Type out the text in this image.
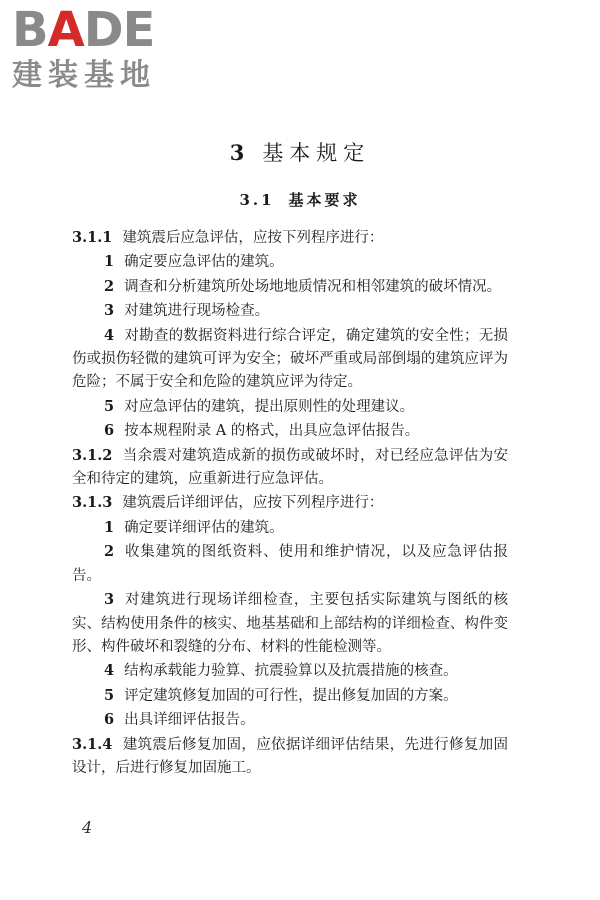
BADE
建装基地
3 基本规定
3.1 基本要求

3.1.1 建筑震后应急评估，应按下列程序进行：

1 确定要应急评估的建筑。

2 调查和分析建筑所处场地地质情况和相邻建筑的破坏情况。

3 对建筑进行现场检查。

4 对勘查的数据资料进行综合评定，确定建筑的安全性；无损伤或损伤轻微的建筑可评为安全；破坏严重或局部倒塌的建筑应评为危险；不属于安全和危险的建筑应评为待定。

5 对应急评估的建筑，提出原则性的处理建议。

6 按本规程附录 A 的格式，出具应急评估报告。

3.1.2 当余震对建筑造成新的损伤或破坏时，对已经应急评估为安全和待定的建筑，应重新进行应急评估。

3.1.3 建筑震后详细评估，应按下列程序进行：

1 确定要详细评估的建筑。

2 收集建筑的图纸资料、使用和维护情况，以及应急评估报告。

3 对建筑进行现场详细检查，主要包括实际建筑与图纸的核实、结构使用条件的核实、地基基础和上部结构的详细检查、构件变形、构件破坏和裂缝的分布、材料的性能检测等。

4 结构承载能力验算、抗震验算以及抗震措施的核查。

5 评定建筑修复加固的可行性，提出修复加固的方案。

6 出具详细评估报告。

3.1.4 建筑震后修复加固，应依据详细评估结果，先进行修复加固设计，后进行修复加固施工。

4
